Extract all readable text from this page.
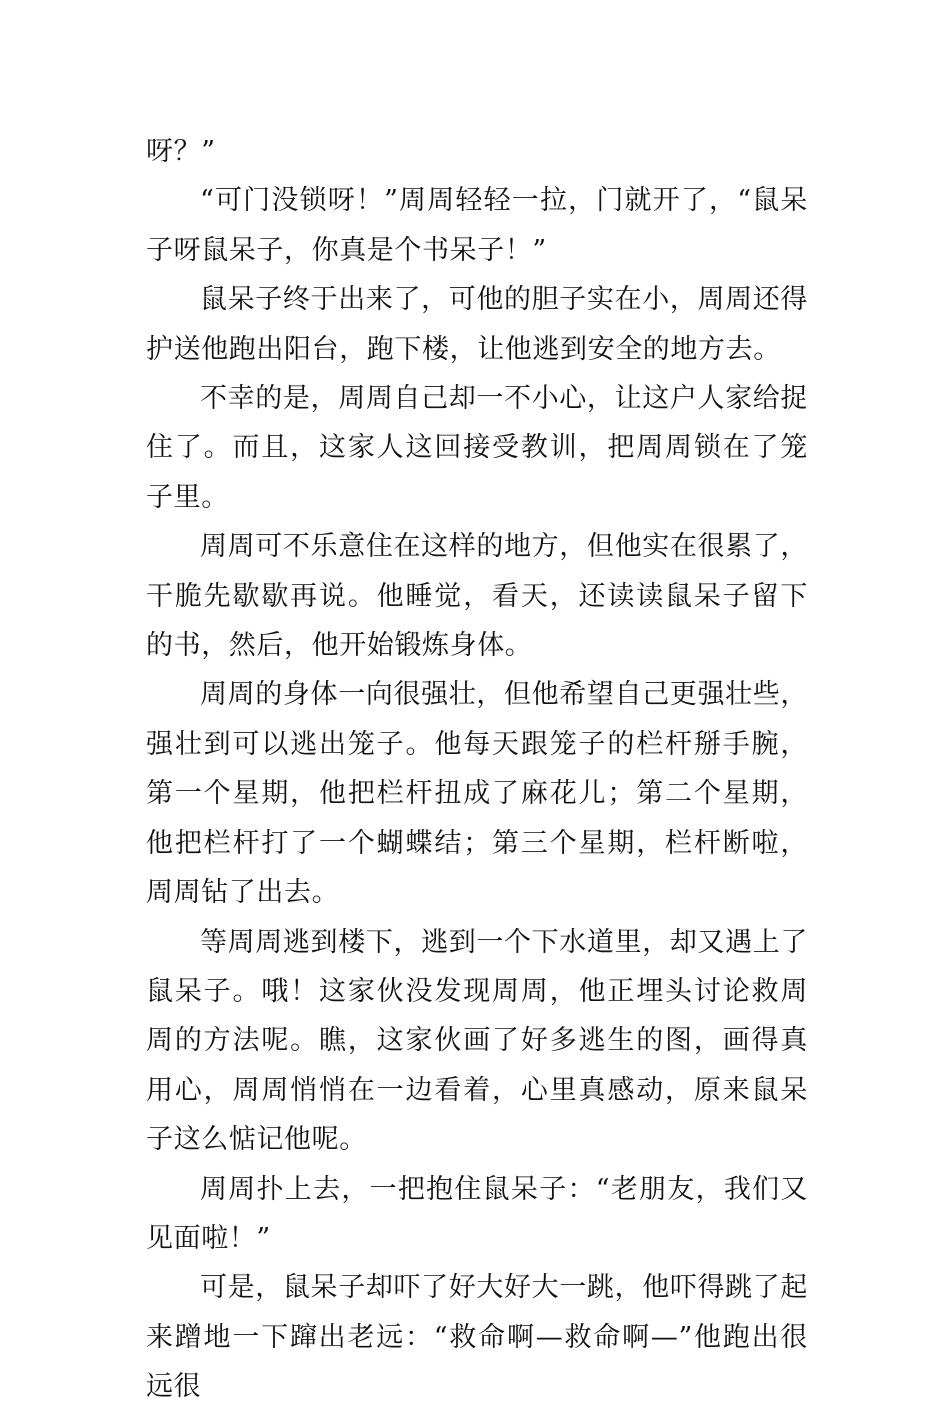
呀？”

“可门没锁呀！”周周轻轻一拉，门就开了，“鼠呆子呀鼠呆子，你真是个书呆子！”

鼠呆子终于出来了，可他的胆子实在小，周周还得护送他跑出阳台，跑下楼，让他逃到安全的地方去。

不幸的是，周周自己却一不小心，让这户人家给捉住了。而且，这家人这回接受教训，把周周锁在了笼子里。

周周可不乐意住在这样的地方，但他实在很累了，干脆先歇歇再说。他睡觉，看天，还读读鼠呆子留下的书，然后，他开始锻炼身体。

周周的身体一向很强壮，但他希望自己更强壮些，强壮到可以逃出笼子。他每天跟笼子的栏杆掰手腕，第一个星期，他把栏杆扭成了麻花儿；第二个星期，他把栏杆打了一个蝴蝶结；第三个星期，栏杆断啦，周周钻了出去。

等周周逃到楼下，逃到一个下水道里，却又遇上了鼠呆子。哦！这家伙没发现周周，他正埋头讨论救周周的方法呢。瞧，这家伙画了好多逃生的图，画得真用心，周周悄悄在一边看着，心里真感动，原来鼠呆子这么惦记他呢。

周周扑上去，一把抱住鼠呆子：“老朋友，我们又见面啦！”

可是，鼠呆子却吓了好大好大一跳，他吓得跳了起来蹭地一下蹿出老远：“救命啊—救命啊—”他跑出很远很
